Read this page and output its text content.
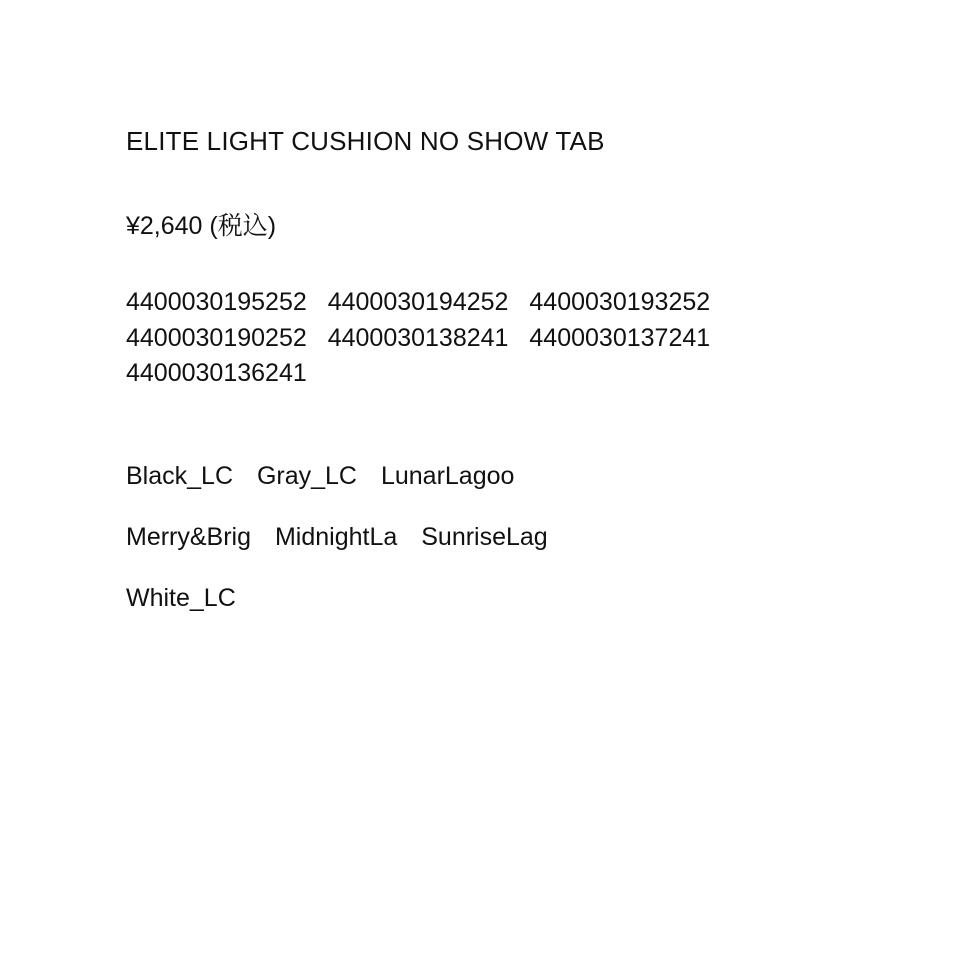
ELITE LIGHT CUSHION NO SHOW TAB
¥2,640 (税込)
4400030195252 4400030194252 4400030193252
4400030190252 4400030138241 4400030137241
4400030136241
Black_LC Gray_LC LunarLagoo
Merry&Brig MidnightLa SunriseLag
White_LC
